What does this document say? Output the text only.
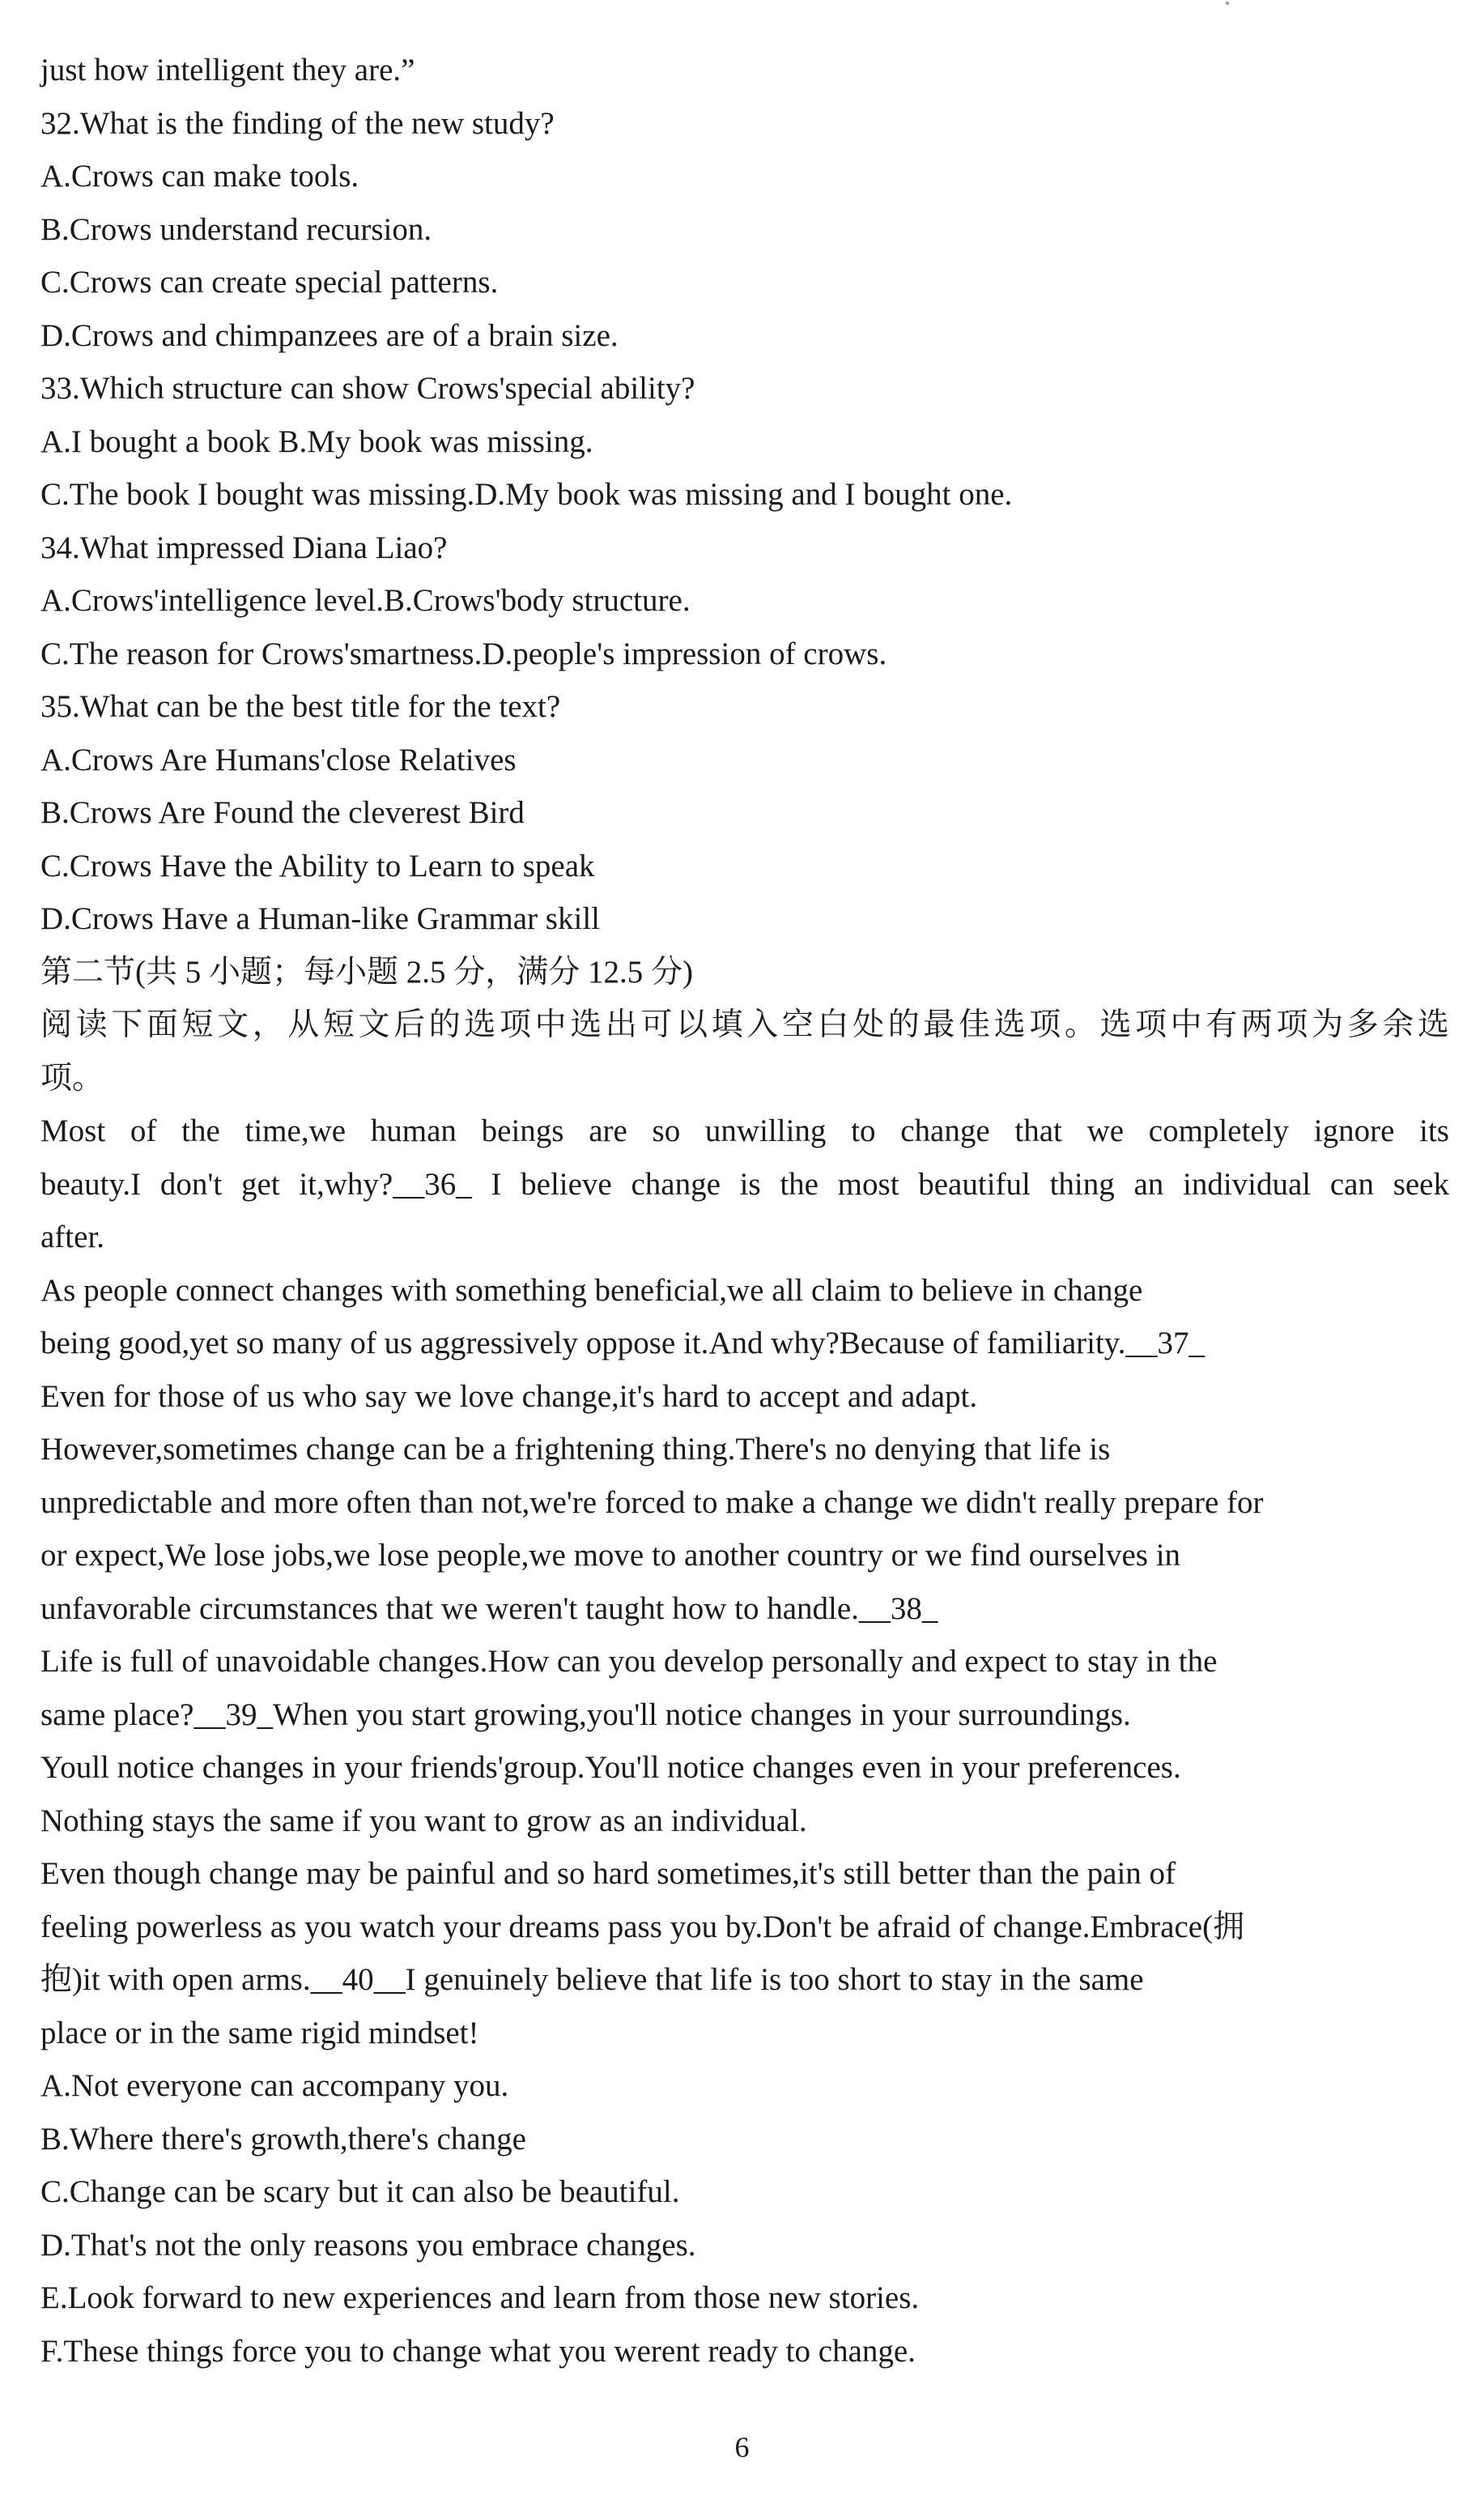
just how intelligent they are.”
32.What is the finding of the new study?
A.Crows can make tools.
B.Crows understand recursion.
C.Crows can create special patterns.
D.Crows and chimpanzees are of a brain size.
33.Which structure can show Crows'special ability?
A.I bought a book B.My book was missing.
C.The book I bought was missing.D.My book was missing and I bought one.
34.What impressed Diana Liao?
A.Crows'intelligence level.B.Crows'body structure.
C.The reason for Crows'smartness.D.people's impression of crows.
35.What can be the best title for the text?
A.Crows Are Humans'close Relatives
B.Crows Are Found the cleverest Bird
C.Crows Have the Ability to Learn to speak
D.Crows Have a Human-like Grammar skill
第二节(共 5 小题；每小题 2.5 分，满分 12.5 分)
阅读下面短文，从短文后的选项中选出可以填入空白处的最佳选项。选项中有两项为多余选
项。
Most of the time,we human beings are so unwilling to change that we completely ignore its
beauty.I don't get it,why?__36_ I believe change is the most beautiful thing an individual can seek
after.
As people connect changes with something beneficial,we all claim to believe in change
being good,yet so many of us aggressively oppose it.And why?Because of familiarity.__37_
Even for those of us who say we love change,it's hard to accept and adapt.
However,sometimes change can be a frightening thing.There's no denying that life is
unpredictable and more often than not,we're forced to make a change we didn't really prepare for
or expect,We lose jobs,we lose people,we move to another country or we find ourselves in
unfavorable circumstances that we weren't taught how to handle.__38_
Life is full of unavoidable changes.How can you develop personally and expect to stay in the
same place?__39_When you start growing,you'll notice changes in your surroundings.
Youll notice changes in your friends'group.You'll notice changes even in your preferences.
Nothing stays the same if you want to grow as an individual.
Even though change may be painful and so hard sometimes,it's still better than the pain of
feeling powerless as you watch your dreams pass you by.Don't be afraid of change.Embrace(拥
抱)it with open arms.__40__I genuinely believe that life is too short to stay in the same
place or in the same rigid mindset!
A.Not everyone can accompany you.
B.Where there's growth,there's change
C.Change can be scary but it can also be beautiful.
D.That's not the only reasons you embrace changes.
E.Look forward to new experiences and learn from those new stories.
F.These things force you to change what you werent ready to change.
6
